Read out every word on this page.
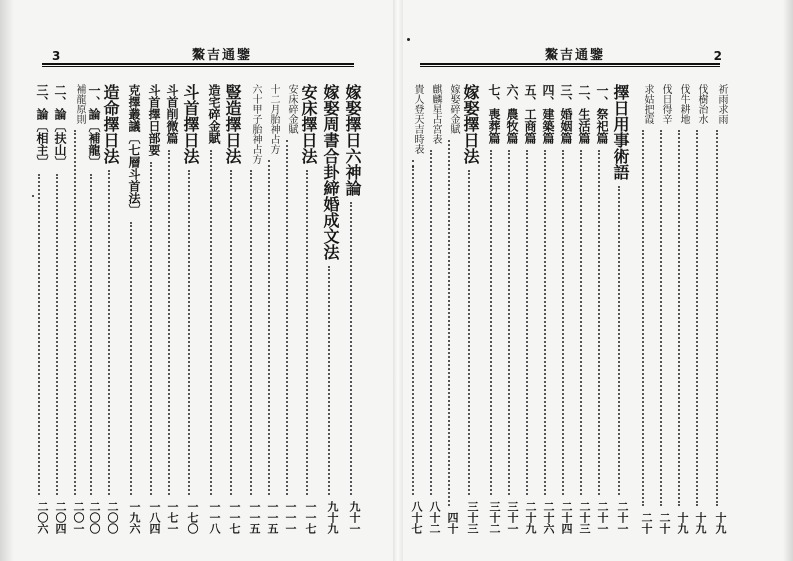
3	鰲吉通鑒
嫁娶擇日六神論
九十一
嫁娶周書合卦締婚成文法
九十九
安床擇日法
一一七
安床碎金賦
一一一
十二月胎神占方
一一五
六十甲子胎神占方
一一五
豎造擇日法
一一七
造宅碎金賦
一一八
斗首擇日法
一七〇
斗首削微篇
一七一
斗首擇日部要
一八四
克擇叢議〔七層斗首法〕
一九六
造命擇日法
二〇〇
一、論〔補龍〕
二〇〇
補龍原則
二〇一
二、論〔扶山〕
二〇四
三、論〔相主〕
二〇六
鰲吉通鑒	2
祈雨求雨
十九
伐樹治水
十九
伐牛耕地
十九
伐日得辛
二十
求姑把霞
二十
擇日用事術語
二十一
一、祭祀篇
二十一
二、生活篇
二十三
三、婚姻篇
二十四
四、建築篇
二十六
五、工商篇
二十九
六、農牧篇
三十一
七、喪葬篇
三十二
嫁娶擇日法
三十三
嫁娶碎金賦
四十
麒麟星占宮表
八十二
貴人登天吉時表
八十七
